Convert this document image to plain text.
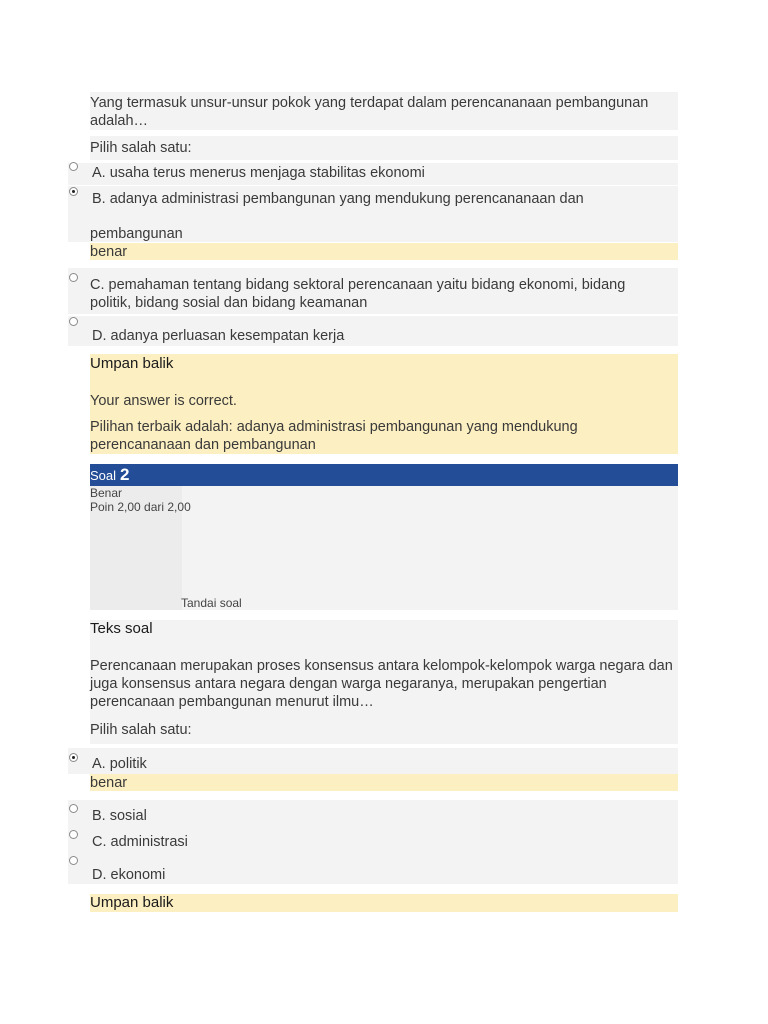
Yang termasuk unsur-unsur pokok yang terdapat dalam perencananaan pembangunan adalah…
Pilih salah satu:
A. usaha terus menerus menjaga stabilitas ekonomi
B. adanya administrasi pembangunan yang mendukung perencananaan dan
pembangunan
benar
C. pemahaman tentang bidang sektoral perencanaan yaitu bidang ekonomi, bidang politik, bidang sosial dan bidang keamanan
D. adanya perluasan kesempatan kerja
Umpan balik
Your answer is correct.
Pilihan terbaik adalah: adanya administrasi pembangunan yang mendukung perencananaan dan pembangunan
Soal 2
Benar
Poin 2,00 dari 2,00
Tandai soal
Teks soal
Perencanaan merupakan proses konsensus antara kelompok-kelompok warga negara dan juga konsensus antara negara dengan warga negaranya, merupakan pengertian perencanaan pembangunan menurut ilmu…
Pilih salah satu:
A. politik
benar
B. sosial
C. administrasi
D. ekonomi
Umpan balik
